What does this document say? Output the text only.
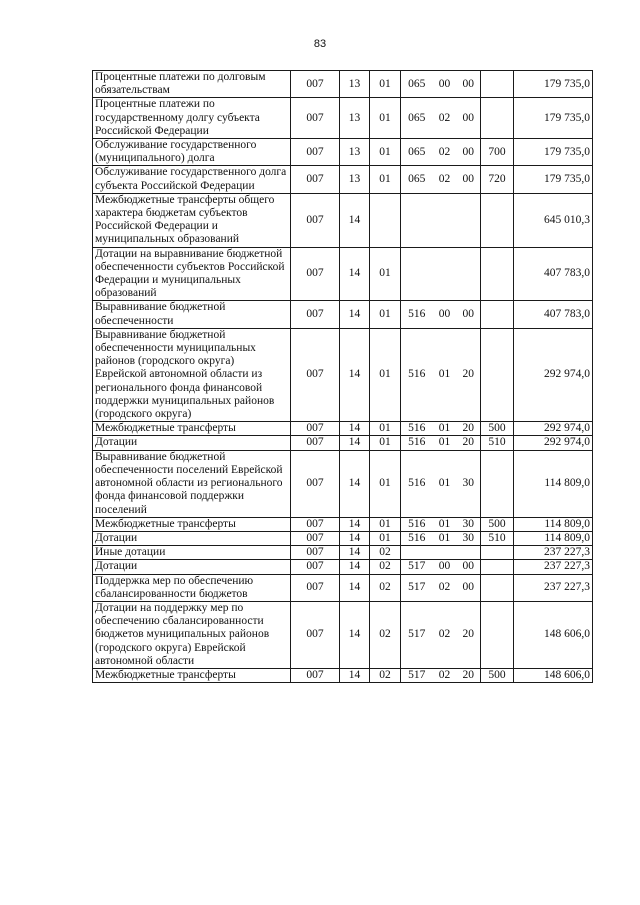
83
Процентные платежи по долговым обязательствам	007	13	01	065	00	00		179 735,0
Процентные платежи по государственному долгу субъекта Российской Федерации	007	13	01	065	02	00		179 735,0
Обслуживание государственного (муниципального) долга	007	13	01	065	02	00	700	179 735,0
Обслуживание государственного долга субъекта Российской Федерации	007	13	01	065	02	00	720	179 735,0
Межбюджетные трансферты общего характера бюджетам субъектов Российской Федерации и муниципальных образований	007	14						645 010,3
Дотации на выравнивание бюджетной обеспеченности субъектов Российской Федерации и муниципальных образований	007	14	01					407 783,0
Выравнивание бюджетной обеспеченности	007	14	01	516	00	00		407 783,0
Выравнивание бюджетной обеспеченности муниципальных районов (городского округа) Еврейской автономной области из регионального фонда финансовой поддержки муниципальных районов (городского округа)	007	14	01	516	01	20		292 974,0
Межбюджетные трансферты	007	14	01	516	01	20	500	292 974,0
Дотации	007	14	01	516	01	20	510	292 974,0
Выравнивание бюджетной обеспеченности поселений Еврейской автономной области из регионального фонда финансовой поддержки поселений	007	14	01	516	01	30		114 809,0
Межбюджетные трансферты	007	14	01	516	01	30	500	114 809,0
Дотации	007	14	01	516	01	30	510	114 809,0
Иные дотации	007	14	02					237 227,3
Дотации	007	14	02	517	00	00		237 227,3
Поддержка мер по обеспечению сбалансированности бюджетов	007	14	02	517	02	00		237 227,3
Дотации на поддержку мер по обеспечению сбалансированности бюджетов муниципальных районов (городского округа) Еврейской автономной области	007	14	02	517	02	20		148 606,0
Межбюджетные трансферты	007	14	02	517	02	20	500	148 606,0
